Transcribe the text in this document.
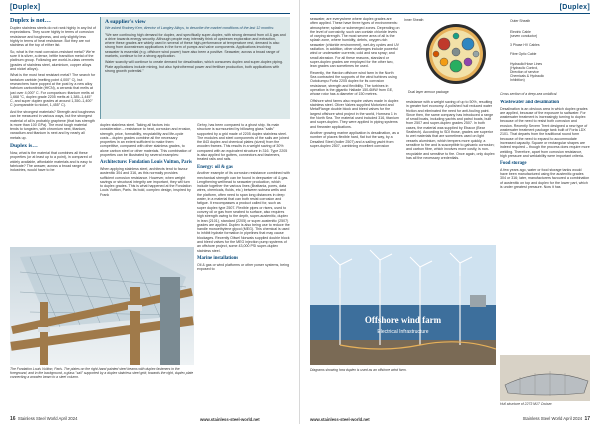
[Duplex]
Duplex is not…

Duplex stainless steels do not rank highly in any list of expectations. They score highly in terms of corrosion resistance and toughness, and only slightly less highly in terms of heat resistance. But they are not stainless at the top of either list.

So, what is the most corrosion-resistant metal? We're sure it is silver, a dense, brittle transition metal of the platinum group. Following are world-in-class cermets (grades of stainless steel, aluminium, copper alloys and nickel alloys).

What is the most heat resistant metal? The search for tantalum carbide (melting point 4,000° C), but researchers have popped at the post by a new alloy hafnium carbonitride (HfCN), a ceramic that melts at just over 4,000° C. For comparison: titanium melts at 1,668 °C, duplex grade 2205 melts at 1,385–1,445° C, and super duplex grades at around 1,350–1,400° C (comparable to nickel, 1,455° C).

And the strongest materials? Strength and toughness can be measured in various ways, but the strongest material of all is probably graphene (that has strength is more than 100 GPa). The most tough material tends to tungsten, with chromium next, titanium, vanadium and titanium is next and by nearly all metals up.

Duplex is…

Now, what is the material that combines all these properties (or at least up to a point), in compared of widely available, affordable materials and is easy to fabricate? The answer, across a broad range of industries, would have to be

A supplier's view

We asked Rodney Kerr, director of Langley Alloys, to describe the market conditions of the last 12 months:

"We see continuing high demand for duplex, and specifically super-duplex, with strong demand from oil & gas and a drive towards energy security. Although people may intensify think of upstream exploration and extraction, where these grades are widely used in several of these high-performance at temperature rest, demand is also strong from downstream applications in the form of pumps and valve components. Applications involving seawater is essential (e.g. offshore wind power) have also been a positive. Seawater, across a broad range of markets, continue to be a strong application.

Water scarcity will continue to create demand for desalination, which consumes duplex and super-duplex piping. Plate applications include mining, but also hydrothermal power and fertiliser production, both applications with strong growth potential."

duplex stainless steel. Taking all factors into consideration – resistance to heat, corrosion and erosion, strength, price, formability, recyclability and life-cycle costs – duplex grades combine all the necessary properties in an extent sufficient to make them competitive, compared with other stainless grades, to alone carbon steel or other materials. This combination of properties can be illustrated by several examples:

Architecture: Fondation Louis Vuitton, Paris

When applying stainless steel, architects tend to favour austenitic 304 and 316, as this normally provides sufficient corrosion resistance. However, when weight savings or structural integrity are important, they will turn to duplex grades. This is what happened at the Fondation Louis Vuitton, Paris. Its bold, complex design, inspired by Frank

Gehry, has been compared to a ghost ship. Its main structure is surmounted by billowing glass "sails" supported by a grid made of 2205 duplex stainless steel. The modules and steel components of the sails are joined the 843 duplex and chemical plates (sized) from the wooden frames. This results in a weight saving of 30% compared with an equivalent structure in 316. Type 2205 is also applied for gutters, connectors and fasteners, treated rails and rails.

Energy: oil & gas

Another example of its corrosion resistance combined with mechanical strength can be found in deepwater oil & gas. Lengthening wellhead to seawater production, which include together the various lines (Brattania, pores, data wires, chemicals, fluids, etc.) between subsea wells and the platform, often need to span long distances in deep water, in a material that can both resist corrosion and fatigue. It encompasses a product called for, such as super duplex type 2507. Flexible pipes or risers, used to convey oil or gas from seabed to surface, also requires high strength owing to the depth, super-austenitic, duplex in lean (2101), standard (2205) or super-austenitic (2507) grades are applied. Duplex is also being use to reduce the handle monoethylene glycol (MEG). This chemical is used to inhibit hydrate formation in pipelines that may cause blockages. Recently Oilwel Norwais supplied double block and bleed valves for the MEG injection pump systems of an offshore project, some 43,000 PSI super-duplex stainless steel.

Marine installations

Oil & gas or wind platforms or other power systems, being exposed to

The Fondation Louis Vuitton, Paris. The plates on the right-hand painted steel beams with duplex fasteners in the foreground, and in the background, a glass "sail" supported by a duplex stainless steel grid; towards the right, duplex plate connecting a wooden beam to a steel column.
16 Stainless Steel World April 2024	www.stainless-steel-world.net
[Duplex]

seawater, are everywhere where duplex grades are often applied. These have three types of environments: atmosphere; splash or submerged zones. Depending on the level of corrosivity, such can contain chloride levels of varying strength. The most severe area of all is the splash zone, where humidity, debris, oxygen-rich seawater (chloride environment), wet-dry cycles and UV radiation. In addition, other challenges include powerful wind or underwater currents; cold and sea spray; and small abrasion. For all these reasons, standard or super-duplex grades are employed for the other two, lean grades can sometimes be used.

Recently, the Hardon offshore wind farm in the North Sea contracted the supports of the wind turbines using Outokumpu Forta 2205 duplex for its corrosion resistance, strength and flexibility. The turbines in operation is the gigantic Haliade 150-6MW from GE, whose rotor has a diameter of 150 metres.

Offshore wind farms also require valves made in duplex stainless steel. Oliver Valves supplied Motorized and MetalFlange double block and bleed valves for the largest offshore wind project in the world, Hornsea 1 in the North Sea. The material used included 316, titanium and super-duplex. They were applied in piping systems and firewater applications.

Another growing marine application is desalination, as a number of places flexible hard, flat but the way, by a Desalted Steel (boiler 2507) and a sailing yacht from super-duplex 2507, combining excellent corrosion

Inner Sheath	Outer Sheath
Electric Cable
(seven conductor)
3 Phase HV Cables
Fibre Optic Cable
Hydraulic/Hose Lines
(Hydraulic Control,
Direction of service
Chemicals & Hydraulic
Inhibition)
Dual layer armour package	Cross section of a deep-sea umbilical.

resistance with a weight saving of up to 50%, resulting in greater fuel economy. A polished hull reduced water friction and eliminated the need for anti-fouling paint. Since then, the same company has introduced a range of small boats, including yachts and patrol boats, built from 2507 and super-duplex grades 2507. In both cases, the material was supplied by Ebacor (Bear Sealtech). According to SDI those, grades are superior to wet materials that are sometimes used on light vessels aluminium, which tempers more quickly, a sensitive to fire and is susceptible to galvanic corrosion; and carbon fibre, which involves more costly, is non-recyclable and sensitive to fire. Once again, only duplex has all the necessary credentials.

Wastewater and desalination

Desalination is an obvious area in which duplex grades are applied, because of the exposure to saltwater. For wastewater treatment is increasingly turning to duplex because of the need to resist both corrosion and erosion. Recently Severn Trent designed a new type of wastewater treatment package tank built of Forta LDX 2101. That departs from the traditional round form because of the need to expand to accommodate increased capacity. Square or rectangular shapes are indeed required – though the process does require more welding. Therefore, apart from corrosion resistance, high pressure and weldability were important criteria.

Food storage

A few years ago, water or food storage tanks would have been manufactured using the austenitic grades 304 or 316; later, manufacturers favoured a combination of austenitic on top and duplex for the lower part, which is under greatest pressure. Now it has

Offshore wind farm
Electrical Infrastructure
Diagrams showing how duplex is used as an offshore wind farm.
Hull structure of 2273 M17 Cruiser.
www.stainless-steel-world.net	Stainless Steel World April 2024 17
